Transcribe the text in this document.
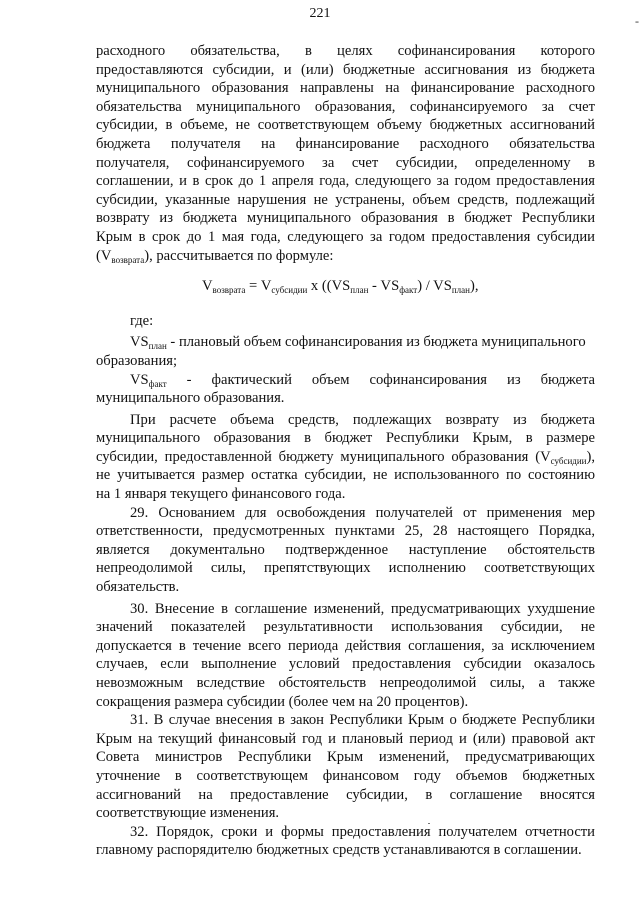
221	-
расходного обязательства, в целях софинансирования которого
предоставляются субсидии, и (или) бюджетные ассигнования из бюджета
муниципального образования направлены на финансирование расходного
обязательства муниципального образования, софинансируемого за счет
субсидии, в объеме, не соответствующем объему бюджетных ассигнований
бюджета получателя на финансирование расходного обязательства
получателя, софинансируемого за счет субсидии, определенному в
соглашении, и в срок до 1 апреля года, следующего за годом предоставления
субсидии, указанные нарушения не устранены, объем средств, подлежащий
возврату из бюджета муниципального образования в бюджет Республики
Крым в срок до 1 мая года, следующего за годом предоставления субсидии
$(V_{возврата})$, рассчитывается по формуле:
$V_{возврата} = V_{субсидии}$ x $((VS_{план} - VS_{факт}) / VS_{план})$,
где:
$VS_{план}$ - плановый объем софинансирования из бюджета муниципального
образования;
$VS_{факт}$ - фактический объем софинансирования из бюджета
муниципального образования.
При расчете объема средств, подлежащих возврату из бюджета
муниципального образования в бюджет Республики Крым, в размере
субсидии, предоставленной бюджету муниципального образования $(V_{субсидии})$,
не учитывается размер остатка субсидии, не использованного по состоянию
на 1 января текущего финансового года.
29. Основанием для освобождения получателей от применения мер
ответственности, предусмотренных пунктами 25, 28 настоящего Порядка,
является документально подтвержденное наступление обстоятельств
непреодолимой силы, препятствующих исполнению соответствующих
обязательств.
30. Внесение в соглашение изменений, предусматривающих ухудшение
значений показателей результативности использования субсидии, не
допускается в течение всего периода действия соглашения, за исключением
случаев, если выполнение условий предоставления субсидии оказалось
невозможным вследствие обстоятельств непреодолимой силы, а также
сокращения размера субсидии (более чем на 20 процентов).
31. В случае внесения в закон Республики Крым о бюджете Республики
Крым на текущий финансовый год и плановый период и (или) правовой акт
Совета министров Республики Крым изменений, предусматривающих
уточнение в соответствующем финансовом году объемов бюджетных
ассигнований на предоставление субсидии, в соглашение вносятся
соответствующие изменения.
32. Порядок, сроки и формы предоставления получателем отчетности
главному распорядителю бюджетных средств устанавливаются в соглашении.
